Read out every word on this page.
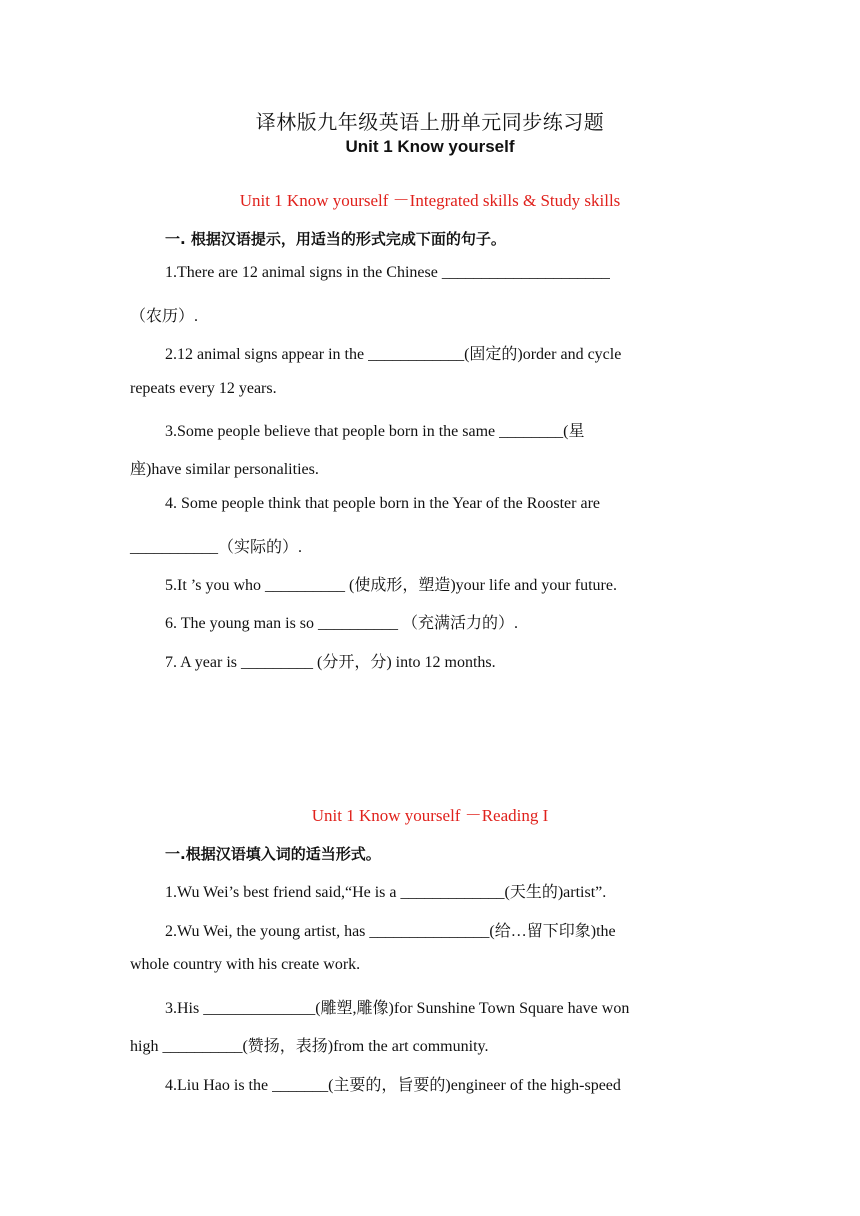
译林版九年级英语上册单元同步练习题
Unit 1 Know yourself
Unit 1 Know yourself －Integrated skills & Study skills
一. 根据汉语提示，用适当的形式完成下面的句子。
1.There are 12 animal signs in the Chinese _____________________
（农历）.
2.12 animal signs appear in the ____________(固定的)order and cycle
repeats every 12 years.
3.Some people believe that people born in the same ________(星
座)have similar personalities.
4. Some people think that people born in the Year of the Rooster are
___________（实际的）.
5.It ’s you who __________ (使成形，塑造)your life and your future.
6. The young man is so __________ （充满活力的）.
7. A year is _________ (分开，分) into 12 months.
Unit 1 Know yourself －Reading I
一.根据汉语填入词的适当形式。
1.Wu Wei’s best friend said,“He is a _____________(天生的)artist”.
2.Wu Wei, the young artist, has _______________(给…留下印象)the
whole country with his create work.
3.His ______________(雕塑,雕像)for Sunshine Town Square have won
high __________(赞扬，表扬)from the art community.
4.Liu Hao is the _______(主要的，旨要的)engineer of the high-speed
